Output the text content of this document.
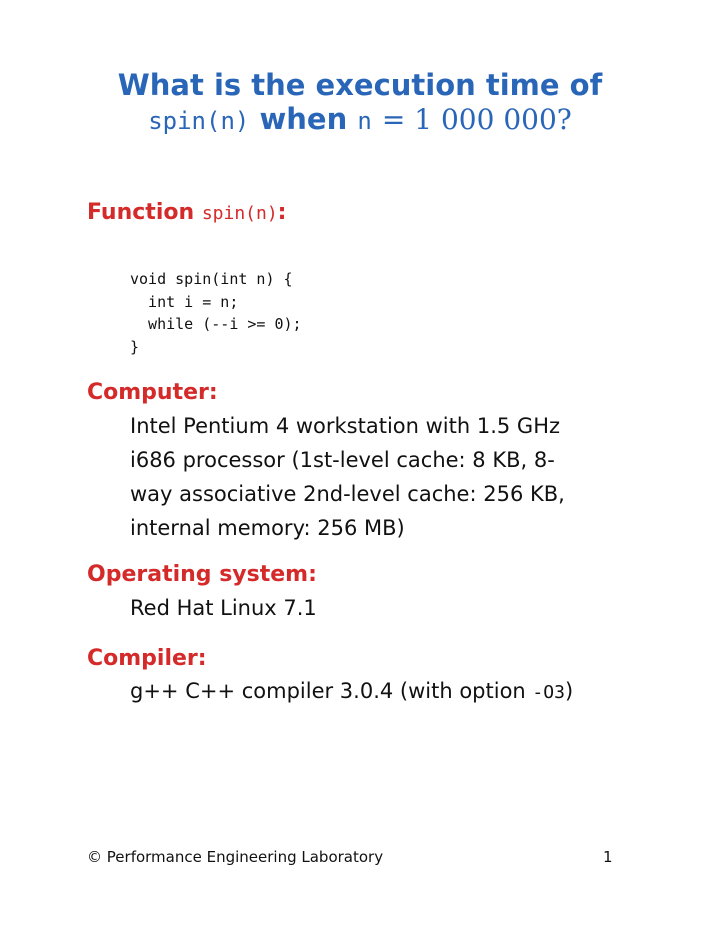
What is the execution time of
spin(n) when n = 1 000 000?
Function spin(n):
void spin(int n) {
int i = n;
while (--i >= 0);
}
Computer:
Intel Pentium 4 workstation with 1.5 GHz
i686 processor (1st-level cache: 8 KB, 8-
way associative 2nd-level cache: 256 KB,
internal memory: 256 MB)
Operating system:
Red Hat Linux 7.1
Compiler:
g++ C++ compiler 3.0.4 (with option -O3)
© Performance Engineering Laboratory	1
